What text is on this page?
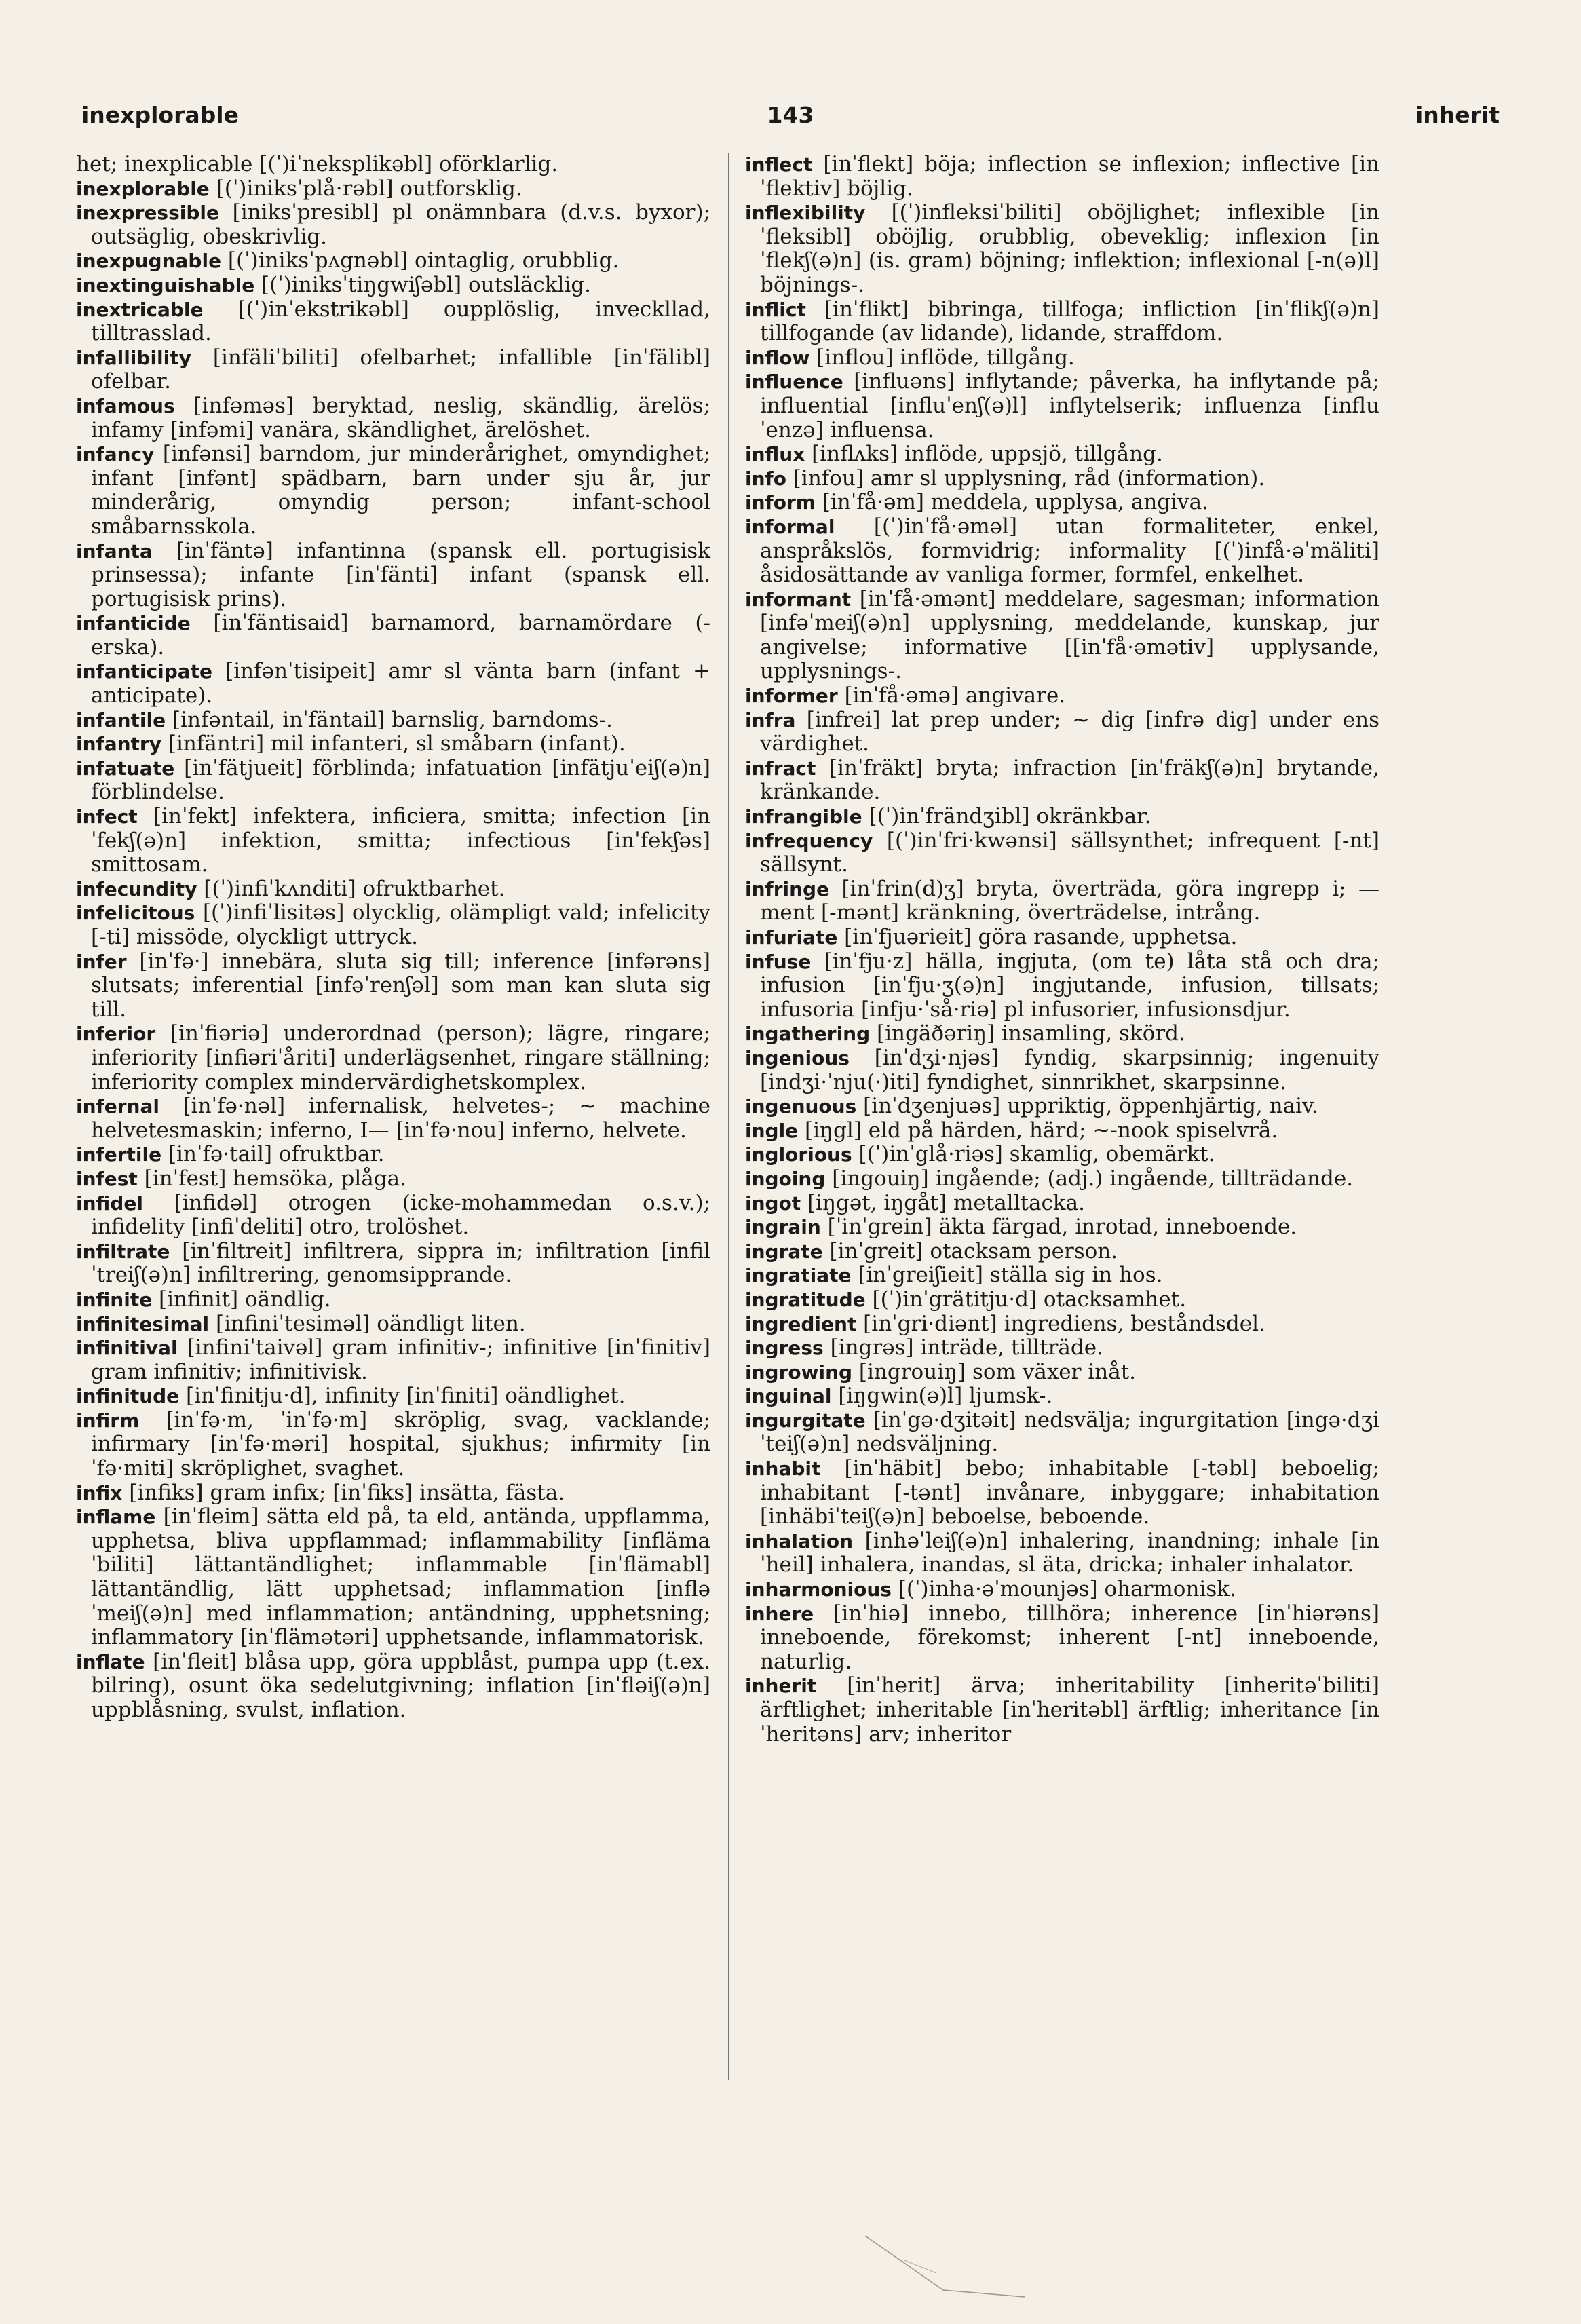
inexplorable	143	inherit

het; inexplicable [(ˈ)iˈneksplikəbl] oförklarlig.

inexplorable [(ˈ)iniksˈplå·rəbl] outforsklig.

inexpressible [iniksˈpresibl] pl onämnbara (d.v.s. byxor); outsäglig, obeskrivlig.

inexpugnable [(ˈ)iniksˈpʌgnəbl] ointaglig, orubblig.

inextinguishable [(ˈ)iniksˈtiŋgwiʃəbl] outsläcklig.

inextricable [(ˈ)inˈekstrikəbl] oupplöslig, inveckllad, tilltrasslad.

infallibility [infäliˈbiliti] ofelbarhet; infallible [inˈfälibl] ofelbar.

infamous [infəməs] beryktad, neslig, skändlig, ärelös; infamy [infəmi] vanära, skändlighet, ärelöshet.

infancy [infənsi] barndom, jur minderårighet, omyndighet; infant [infənt] spädbarn, barn under sju år, jur minderårig, omyndig person; infant-school småbarnsskola.

infanta [inˈfäntə] infantinna (spansk ell. portugisisk prinsessa); infante [inˈfänti] infant (spansk ell. portugisisk prins).

infanticide [inˈfäntisaid] barnamord, barnamördare (-erska).

infanticipate [infənˈtisipeit] amr sl vänta barn (infant + anticipate).

infantile [infəntail, inˈfäntail] barnslig, barndoms-.

infantry [infäntri] mil infanteri, sl småbarn (infant).

infatuate [inˈfätjueit] förblinda; infatuation [infätjuˈeiʃ(ə)n] förblindelse.

infect [inˈfekt] infektera, inficiera, smitta; infection [inˈfekʃ(ə)n] infektion, smitta; infectious [inˈfekʃəs] smittosam.

infecundity [(ˈ)infiˈkʌnditi] ofruktbarhet.

infelicitous [(ˈ)infiˈlisitəs] olycklig, olämpligt vald; infelicity [-ti] missöde, olyckligt uttryck.

infer [inˈfə·] innebära, sluta sig till; inference [infərəns] slutsats; inferential [infəˈrenʃəl] som man kan sluta sig till.

inferior [inˈfiəriə] underordnad (person); lägre, ringare; inferiority [infiəriˈåriti] underlägsenhet, ringare ställning; inferiority complex mindervärdighetskomplex.

infernal [inˈfə·nəl] infernalisk, helvetes-; ~ machine helvetesmaskin; inferno, I— [inˈfə·nou] inferno, helvete.

infertile [inˈfə·tail] ofruktbar.

infest [inˈfest] hemsöka, plåga.

infidel [infidəl] otrogen (icke-mohammedan o.s.v.); infidelity [infiˈdeliti] otro, trolöshet.

infiltrate [inˈfiltreit] infiltrera, sippra in; infiltration [infilˈtreiʃ(ə)n] infiltrering, genomsipprande.

infinite [infinit] oändlig.

infinitesimal [infiniˈtesiməl] oändligt liten.

infinitival [infiniˈtaivəl] gram infinitiv-; infinitive [inˈfinitiv] gram infinitiv; infinitivisk.

infinitude [inˈfinitju·d], infinity [inˈfiniti] oändlighet.

infirm [inˈfə·m, ˈinˈfə·m] skröplig, svag, vacklande; infirmary [inˈfə·məri] hospital, sjukhus; infirmity [inˈfə·miti] skröplighet, svaghet.

infix [infiks] gram infix; [inˈfiks] insätta, fästa.

inflame [inˈfleim] sätta eld på, ta eld, antända, uppflamma, upphetsa, bliva uppflammad; inflammability [inflämaˈbiliti] lättantändlighet; inflammable [inˈflämabl] lättantändlig, lätt upphetsad; inflammation [infləˈmeiʃ(ə)n] med inflammation; antändning, upphetsning; inflammatory [inˈflämətəri] upphetsande, inflammatorisk.

inflate [inˈfleit] blåsa upp, göra uppblåst, pumpa upp (t.ex. bilring), osunt öka sedelutgivning; inflation [inˈfləiʃ(ə)n] uppblåsning, svulst, inflation.

inflect [inˈflekt] böja; inflection se inflexion; inflective [inˈflektiv] böjlig.

inflexibility [(ˈ)infleksiˈbiliti] oböjlighet; inflexible [inˈfleksibl] oböjlig, orubblig, obeveklig; inflexion [inˈflekʃ(ə)n] (is. gram) böjning; inflektion; inflexional [-n(ə)l] böjnings-.

inflict [inˈflikt] bibringa, tillfoga; infliction [inˈflikʃ(ə)n] tillfogande (av lidande), lidande, straffdom.

inflow [inflou] inflöde, tillgång.

influence [influəns] inflytande; påverka, ha inflytande på; influential [influˈenʃ(ə)l] inflytelserik; influenza [influˈenzə] influensa.

influx [inflʌks] inflöde, uppsjö, tillgång.

info [infou] amr sl upplysning, råd (information).

inform [inˈfå·əm] meddela, upplysa, angiva.

informal [(ˈ)inˈfå·əməl] utan formaliteter, enkel, anspråkslös, formvidrig; informality [(ˈ)infå·əˈmäliti] åsidosättande av vanliga former, formfel, enkelhet.

informant [inˈfå·əmənt] meddelare, sagesman; information [infəˈmeiʃ(ə)n] upplysning, meddelande, kunskap, jur angivelse; informative [[inˈfå·əmətiv] upplysande, upplysnings-.

informer [inˈfå·əmə] angivare.

infra [infrei] lat prep under; ~ dig [infrə dig] under ens värdighet.

infract [inˈfräkt] bryta; infraction [inˈfräkʃ(ə)n] brytande, kränkande.

infrangible [(ˈ)inˈfrändʒibl] okränkbar.

infrequency [(ˈ)inˈfri·kwənsi] sällsynthet; infrequent [-nt] sällsynt.

infringe [inˈfrin(d)ʒ] bryta, överträda, göra ingrepp i; —ment [-mənt] kränkning, överträdelse, intrång.

infuriate [inˈfjuərieit] göra rasande, upphetsa.

infuse [inˈfju·z] hälla, ingjuta, (om te) låta stå och dra; infusion [inˈfju·ʒ(ə)n] ingjutande, infusion, tillsats; infusoria [infju·ˈså·riə] pl infusorier, infusionsdjur.

ingathering [ingäðəriŋ] insamling, skörd.

ingenious [inˈdʒi·njəs] fyndig, skarpsinnig; ingenuity [indʒi·ˈnju(·)iti] fyndighet, sinnrikhet, skarpsinne.

ingenuous [inˈdʒenjuəs] uppriktig, öppenhjärtig, naiv.

ingle [iŋgl] eld på härden, härd; ~-nook spiselvrå.

inglorious [(ˈ)inˈglå·riəs] skamlig, obemärkt.

ingoing [ingouiŋ] ingående; (adj.) ingående, tillträdande.

ingot [iŋgət, iŋgåt] metalltacka.

ingrain [ˈinˈgrein] äkta färgad, inrotad, inneboende.

ingrate [inˈgreit] otacksam person.

ingratiate [inˈgreiʃieit] ställa sig in hos.

ingratitude [(ˈ)inˈgrätitju·d] otacksamhet.

ingredient [inˈgri·diənt] ingrediens, beståndsdel.

ingress [ingrəs] inträde, tillträde.

ingrowing [ingrouiŋ] som växer inåt.

inguinal [iŋgwin(ə)l] ljumsk-.

ingurgitate [inˈgə·dʒitəit] nedsvälja; ingurgitation [ingə·dʒiˈteiʃ(ə)n] nedsväljning.

inhabit [inˈhäbit] bebo; inhabitable [-təbl] beboelig; inhabitant [-tənt] invånare, inbyggare; inhabitation [inhäbiˈteiʃ(ə)n] beboelse, beboende.

inhalation [inhəˈleiʃ(ə)n] inhalering, inandning; inhale [inˈheil] inhalera, inandas, sl äta, dricka; inhaler inhalator.

inharmonious [(ˈ)inha·əˈmounjəs] oharmonisk.

inhere [inˈhiə] innebo, tillhöra; inherence [inˈhiərəns] inneboende, förekomst; inherent [-nt] inneboende, naturlig.

inherit [inˈherit] ärva; inheritability [inheritəˈbiliti] ärftlighet; inheritable [inˈheritəbl] ärftlig; inheritance [inˈheritəns] arv; inheritor
